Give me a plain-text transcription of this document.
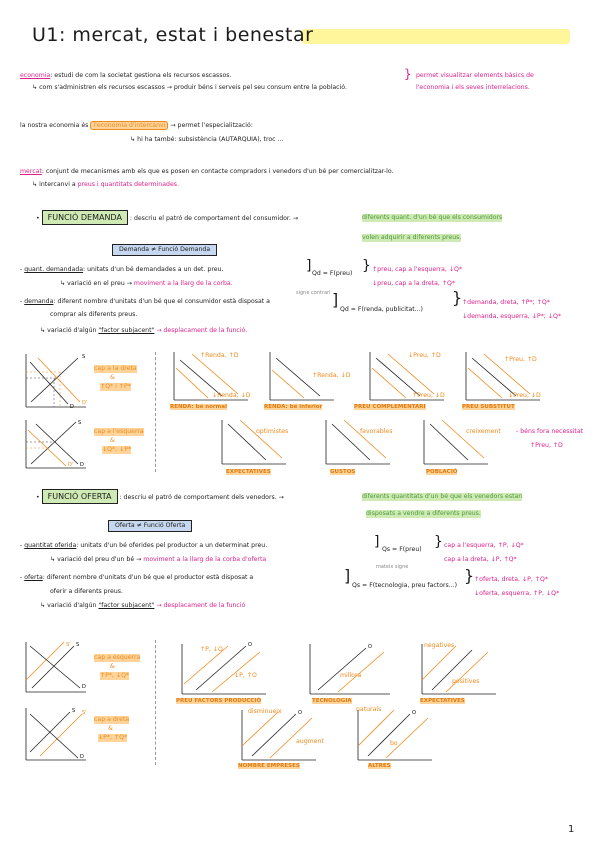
U1: mercat, estat i benestar
economia: estudi de com la societat gestiona els recursos escassos.
↳ com s'administren els recursos escassos → produir béns i serveis pel seu consum entre la població.
} permet visualitzar elements bàsics de
l'economia i els seves interrelacions.
la nostra economia és l'economia d'intercanvi → permet l'especialització:
↳ hi ha també: subsistència (AUTARQUIA), troc ...
mercat: conjunt de mecanismes amb els que es posen en contacte compradors i venedors d'un bé per comercialitzar-lo.
↳ intercanvi a preus i quantitats determinades.
• FUNCIÓ DEMANDA : descriu el patró de comportament del consumidor. →	diferents quant. d'un bé que els consumidors
volen adquirir a diferents preus.
Demanda ≠ Funció Demanda
- quant. demandada: unitats d'un bé demandades a un det. preu.
↳ variació en el preu → moviment a la llarg de la corba.
] Qd = F(preu) } ↑preu, cap a l'esquerra, ↓Q*
↓preu, cap a la dreta, ↑Q*
signe contrari
- demanda: diferent nombre d'unitats d'un bé que el consumidor està disposat a
comprar als diferents preus.
↳ variació d'algún "factor subjacent" → desplacament de la funció.
]
Qd = F(renda, publicitat...)
} ↑demanda, dreta, ↑P*; ↑Q*
↓demanda, esquerra, ↓P*; ↓Q*
S
D
D'
S
D
D'
cap a la dreta
&
↑Q* i ↑P*
cap a l'esquerra
&
↓Q*, ↓P*
RENDA: bé normal	RENDA: bé inferior	PREU COMPLEMENTARI	PREU SUBSTITUT
↑Renda, ↑D
↓Renda, ↓D
↑Renda, ↓D
↓Preu, ↑D
↑Preu, ↓D
↑Preu, ↑D
↓Preu, ↓D
optimistes	favorables	creixement - béns fora necessitat
↑Preu, ↑D
EXPECTATIVES	GUSTOS	POBLACIÓ
• FUNCIÓ OFERTA : descriu el patró de comportament dels venedors. →	diferents quantitats d'un bé que els venedors estan
disposats a vendre a diferents preus.
Oferta ≠ Funció Oferta
- quantitat oferida: unitats d'un bé oferides pel productor a un determinat preu.
↳ variació del preu d'un bé → moviment a la llarg de la corba d'oferta
] Qs = F(preu) } cap a l'esquerra, ↑P, ↓Q*
cap a la dreta, ↓P, ↑Q*
mateix signe
- oferta: diferent nombre d'unitats d'un bé que el productor està disposat a
oferir a diferents preus.
↳ variació d'algún "factor subjacent" → desplacament de la funció
]
Qs = F(tecnologia, preu factors...)
} ↑oferta, dreta, ↓P, ↑Q*
↓oferta, esquerra, ↑P, ↓Q*
S
S'
D
S S'
D
cap a esquerra
&
↑P*, ↓Q*
cap a dreta
&
↓P*, ↑Q*
O	O
O	O
↑P, ↓O
↓P, ↑O	millora
negatives
positives
PREU FACTORS PRODUCCIÓ	TECNOLOGIA	EXPECTATIVES
disminueix
augment
naturals
bo
NOMBRE EMPRESES	ALTRES
1
